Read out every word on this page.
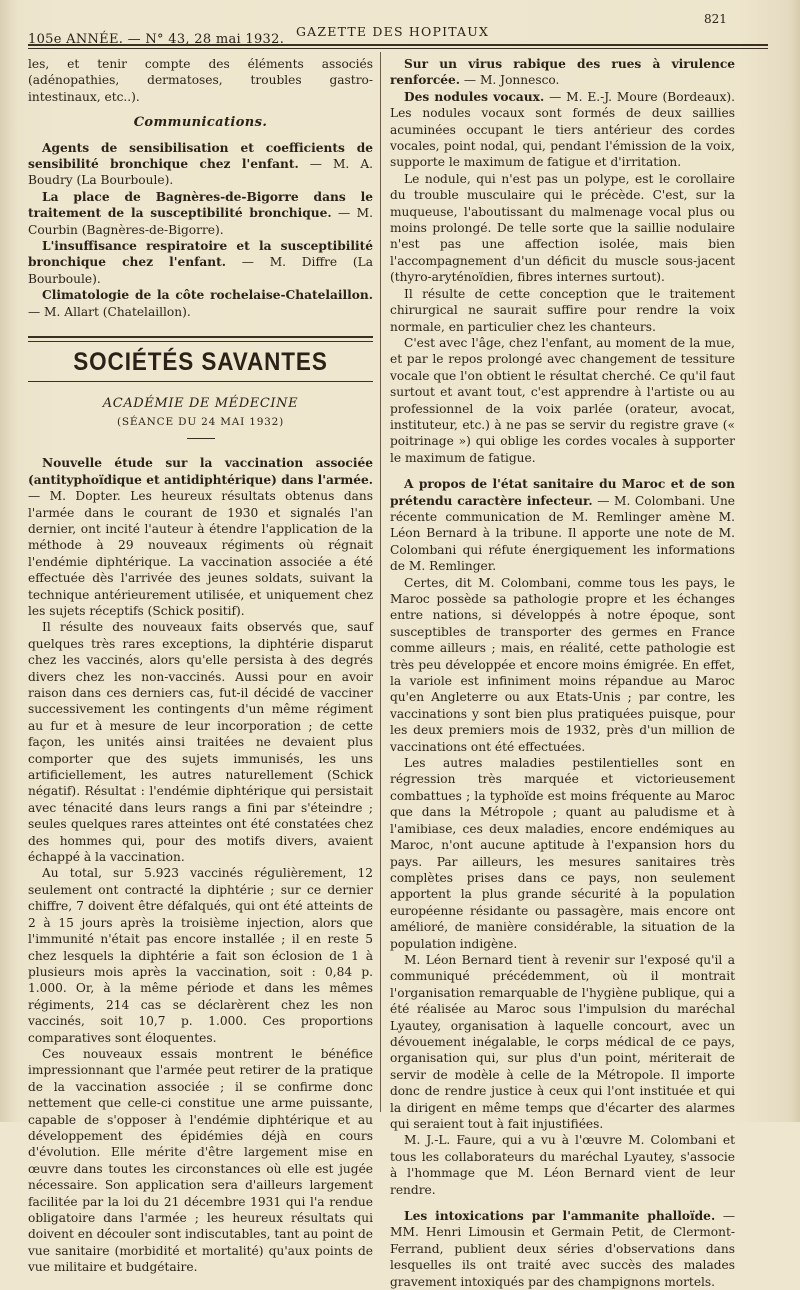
105e ANNÉE. — N° 43, 28 mai 1932.
GAZETTE DES HOPITAUX
821

les, et tenir compte des éléments associés (adénopathies, dermatoses, troubles gastro-intestinaux, etc..).

Communications.

Agents de sensibilisation et coefficients de sensibilité bronchique chez l'enfant. — M. A. Boudry (La Bourboule).

La place de Bagnères-de-Bigorre dans le traitement de la susceptibilité bronchique. — M. Courbin (Bagnères-de-Bigorre).

L'insuffisance respiratoire et la susceptibilité bronchique chez l'enfant. — M. Diffre (La Bourboule).

Climatologie de la côte rochelaise-Chatelaillon. — M. Allart (Chatelaillon).

SOCIÉTÉS SAVANTES
ACADÉMIE DE MÉDECINE
(SÉANCE DU 24 MAI 1932)

Nouvelle étude sur la vaccination associée (antityphoïdique et antidiphtérique) dans l'armée. — M. Dopter. Les heureux résultats obtenus dans l'armée dans le courant de 1930 et signalés l'an dernier, ont incité l'auteur à étendre l'application de la méthode à 29 nouveaux régiments où régnait l'endémie diphtérique. La vaccination associée a été effectuée dès l'arrivée des jeunes soldats, suivant la technique antérieurement utilisée, et uniquement chez les sujets réceptifs (Schick positif).

Il résulte des nouveaux faits observés que, sauf quelques très rares exceptions, la diphtérie disparut chez les vaccinés, alors qu'elle persista à des degrés divers chez les non-vaccinés. Aussi pour en avoir raison dans ces derniers cas, fut-il décidé de vacciner successivement les contingents d'un même régiment au fur et à mesure de leur incorporation ; de cette façon, les unités ainsi traitées ne devaient plus comporter que des sujets immunisés, les uns artificiellement, les autres naturellement (Schick négatif). Résultat : l'endémie diphtérique qui persistait avec ténacité dans leurs rangs a fini par s'éteindre ; seules quelques rares atteintes ont été constatées chez des hommes qui, pour des motifs divers, avaient échappé à la vaccination.

Au total, sur 5.923 vaccinés régulièrement, 12 seulement ont contracté la diphtérie ; sur ce dernier chiffre, 7 doivent être défalqués, qui ont été atteints de 2 à 15 jours après la troisième injection, alors que l'immunité n'était pas encore installée ; il en reste 5 chez lesquels la diphtérie a fait son éclosion de 1 à plusieurs mois après la vaccination, soit : 0,84 p. 1.000. Or, à la même période et dans les mêmes régiments, 214 cas se déclarèrent chez les non vaccinés, soit 10,7 p. 1.000. Ces proportions comparatives sont éloquentes.

Ces nouveaux essais montrent le bénéfice impressionnant que l'armée peut retirer de la pratique de la vaccination associée ; il se confirme donc nettement que celle-ci constitue une arme puissante, capable de s'opposer à l'endémie diphtérique et au développement des épidémies déjà en cours d'évolution. Elle mérite d'être largement mise en œuvre dans toutes les circonstances où elle est jugée nécessaire. Son application sera d'ailleurs largement facilitée par la loi du 21 décembre 1931 qui l'a rendue obligatoire dans l'armée ; les heureux résultats qui doivent en découler sont indiscutables, tant au point de vue sanitaire (morbidité et mortalité) qu'aux points de vue militaire et budgétaire.

Sur un virus rabique des rues à virulence renforcée. — M. Jonnesco.

Des nodules vocaux. — M. E.-J. Moure (Bordeaux). Les nodules vocaux sont formés de deux saillies acuminées occupant le tiers antérieur des cordes vocales, point nodal, qui, pendant l'émission de la voix, supporte le maximum de fatigue et d'irritation.

Le nodule, qui n'est pas un polype, est le corollaire du trouble musculaire qui le précède. C'est, sur la muqueuse, l'aboutissant du malmenage vocal plus ou moins prolongé. De telle sorte que la saillie nodulaire n'est pas une affection isolée, mais bien l'accompagnement d'un déficit du muscle sous-jacent (thyro-aryténoïdien, fibres internes surtout).

Il résulte de cette conception que le traitement chirurgical ne saurait suffire pour rendre la voix normale, en particulier chez les chanteurs.

C'est avec l'âge, chez l'enfant, au moment de la mue, et par le repos prolongé avec changement de tessiture vocale que l'on obtient le résultat cherché. Ce qu'il faut surtout et avant tout, c'est apprendre à l'artiste ou au professionnel de la voix parlée (orateur, avocat, instituteur, etc.) à ne pas se servir du registre grave (« poitrinage ») qui oblige les cordes vocales à supporter le maximum de fatigue.

A propos de l'état sanitaire du Maroc et de son prétendu caractère infecteur. — M. Colombani. Une récente communication de M. Remlinger amène M. Léon Bernard à la tribune. Il apporte une note de M. Colombani qui réfute énergiquement les informations de M. Remlinger.

Certes, dit M. Colombani, comme tous les pays, le Maroc possède sa pathologie propre et les échanges entre nations, si développés à notre époque, sont susceptibles de transporter des germes en France comme ailleurs ; mais, en réalité, cette pathologie est très peu développée et encore moins émigrée. En effet, la variole est infiniment moins répandue au Maroc qu'en Angleterre ou aux Etats-Unis ; par contre, les vaccinations y sont bien plus pratiquées puisque, pour les deux premiers mois de 1932, près d'un million de vaccinations ont été effectuées.

Les autres maladies pestilentielles sont en régression très marquée et victorieusement combattues ; la typhoïde est moins fréquente au Maroc que dans la Métropole ; quant au paludisme et à l'amibiase, ces deux maladies, encore endémiques au Maroc, n'ont aucune aptitude à l'expansion hors du pays. Par ailleurs, les mesures sanitaires très complètes prises dans ce pays, non seulement apportent la plus grande sécurité à la population européenne résidante ou passagère, mais encore ont amélioré, de manière considérable, la situation de la population indigène.

M. Léon Bernard tient à revenir sur l'exposé qu'il a communiqué précédemment, où il montrait l'organisation remarquable de l'hygiène publique, qui a été réalisée au Maroc sous l'impulsion du maréchal Lyautey, organisation à laquelle concourt, avec un dévouement inégalable, le corps médical de ce pays, organisation qui, sur plus d'un point, mériterait de servir de modèle à celle de la Métropole. Il importe donc de rendre justice à ceux qui l'ont instituée et qui la dirigent en même temps que d'écarter des alarmes qui seraient tout à fait injustifiées.

M. J.-L. Faure, qui a vu à l'œuvre M. Colombani et tous les collaborateurs du maréchal Lyautey, s'associe à l'hommage que M. Léon Bernard vient de leur rendre.

Les intoxications par l'ammanite phalloïde. — MM. Henri Limousin et Germain Petit, de Clermont-Ferrand, publient deux séries d'observations dans lesquelles ils ont traité avec succès des malades gravement intoxiqués par des champignons mortels.
